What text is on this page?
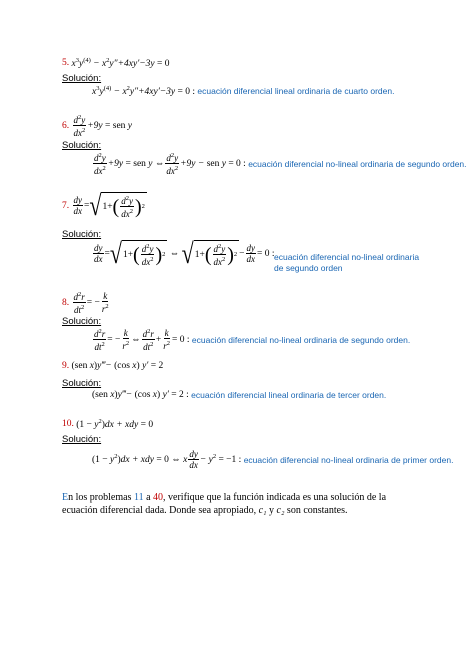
5.
$x^3y^{(4)} - x^2y''+4xy'-3y = 0$
Solución:
$x^3y^{(4)} - x^2y''+4xy'-3y = 0$ :
ecuación diferencial lineal ordinaria de cuarto orden.
6.
$\frac{d^2y}{dx^2} +9y$ = sen y
Solución:
$\frac{d^2y}{dx^2} +9y$ = sen y ⇔ $\frac{d^2y}{dx^2} +9y$ − sen y = 0 :
ecuación diferencial no-lineal ordinaria de segundo orden.
7.
$\frac{dy}{dx}$ = √ 1+ ( $\frac{d^2y}{dx^2}$ ) 2
Solución:
$\frac{dy}{dx}$ = √ 1+ ( $\frac{d^2y}{dx^2}$ ) 2 ⇔ √ 1+ ( $\frac{d^2y}{dx^2}$ ) $2 - \frac{dy}{dx} = 0$ : ecuación diferencial no-lineal ordinaria
de segundo orden
8.
$\frac{d^2r}{dt^2}$ = − $\frac{k}{r^2}$
Solución:
$\frac{d^2r}{dt^2}$ = − $\frac{k}{r^2}$ ⇔ $\frac{d^2r}{dt^2} + \frac{k}{r^2} = 0$ :
ecuación diferencial no-lineal ordinaria de segundo orden.
9.
(sen x)y‴− (cos x) y′ = 2
Solución:
(sen x)y‴− (cos x) y′ = 2 :
ecuación diferencial lineal ordinaria de tercer orden.
10.
$(1 - y^2)dx$ + xdy = 0
Solución:
$(1 - y^2)dx$ + xdy = 0 ⇔ x $\frac{dy}{dx} - y^2 = -1$ :
ecuación diferencial no-lineal ordinaria de primer orden.
En los problemas 11 a 40, verifique que la función indicada es una solución de la ecuación diferencial dada. Donde sea apropiado, c₁ y c₂ son constantes.
